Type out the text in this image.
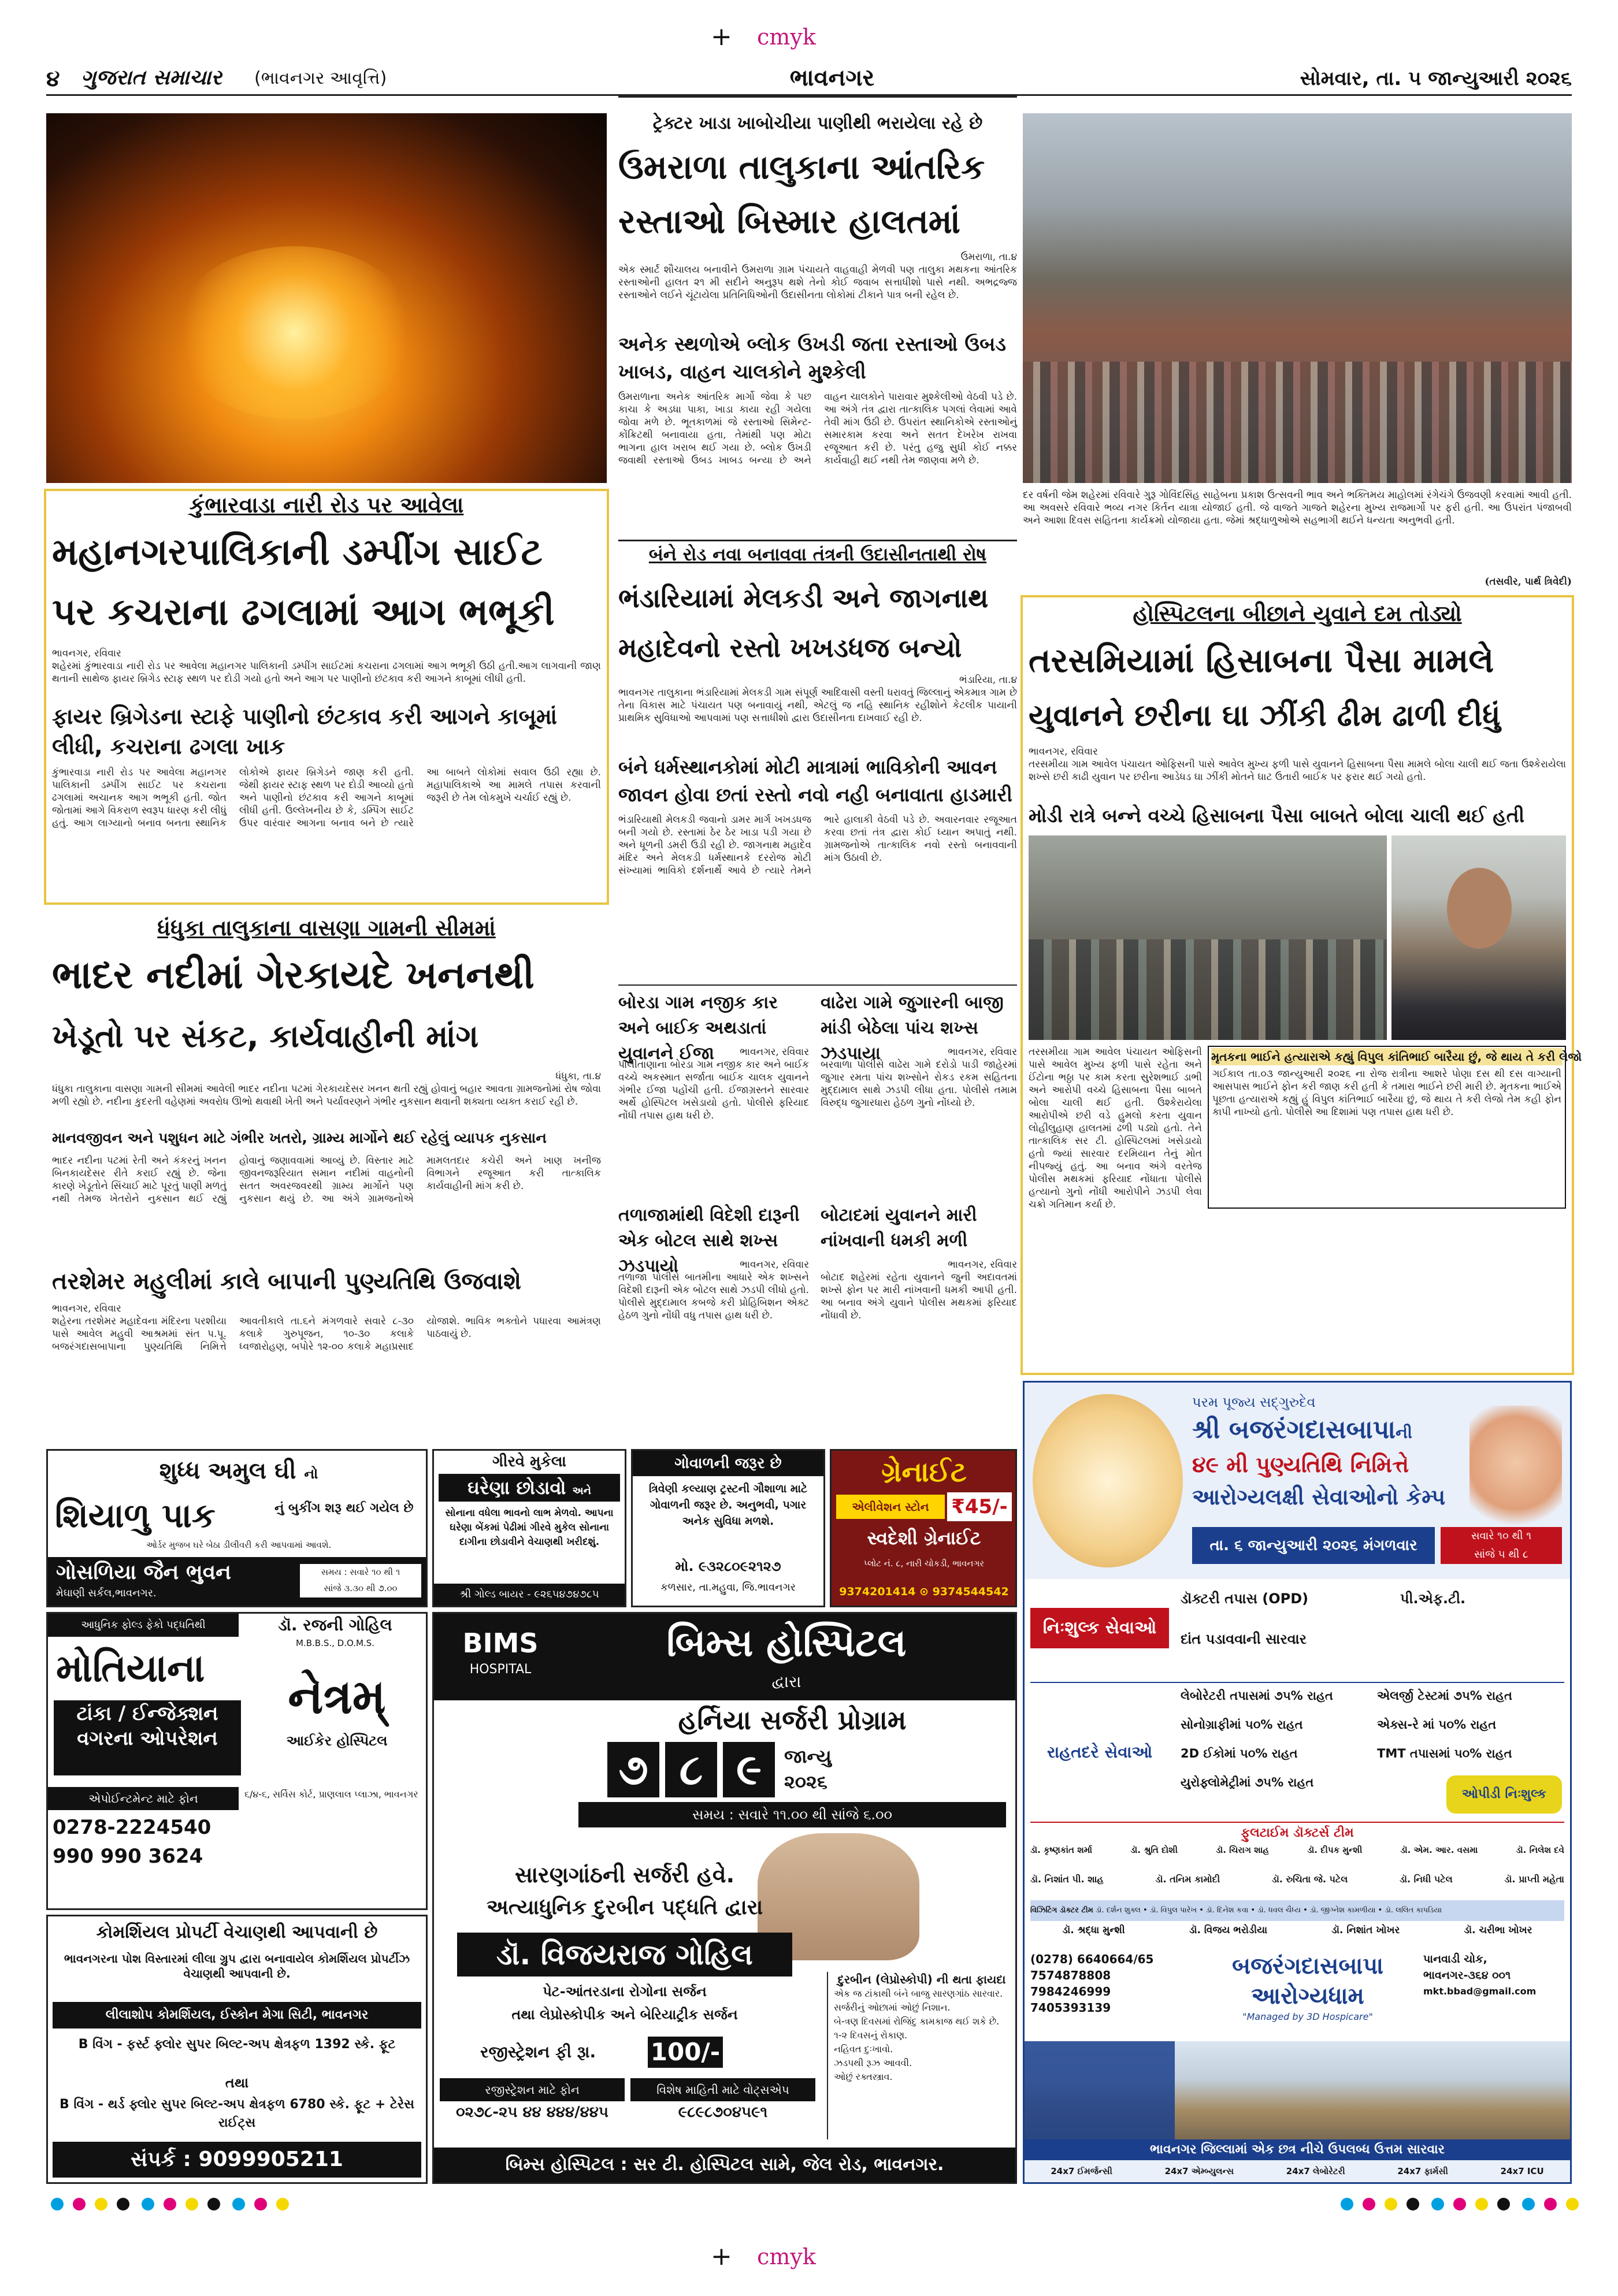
+ cmyk
૪ ગુજરાત સમાચાર (ભાવનગર આવૃત્તિ)	ભાવનગર	સોમવાર, તા. ૫ જાન્યુઆરી ૨૦૨૬
કુંભારવાડા નારી રોડ પર આવેલા
મહાનગરપાલિકાની ડમ્પીંગ સાઈટ
પર કચરાના ઢગલામાં આગ ભભૂકી
ભાવનગર, રવિવાર
શહેરમાં કુંભારવાડા નારી રોડ પર આવેલા મહાનગર પાલિકાની ડમ્પીંગ સાઈટમાં કચરાના ઢગલામાં આગ ભભૂકી ઉઠી હતી.આગ લાગવાની જાણ થતાની સાથેજ ફાયર બ્રિગેડ સ્ટાફ સ્થળ પર દોડી ગયો હતો અને આગ પર પાણીનો છંટકાવ કરી આગને કાબૂમાં લીધી હતી.
ફાયર બ્રિગેડના સ્ટાફે પાણીનો છંટકાવ કરી આગને કાબૂમાં લીધી, કચરાના ઢગલા ખાક
કુંભારવાડા નારી રોડ પર આવેલા મહાનગર પાલિકાની ડમ્પીંગ સાઈટ પર કચરાના ઢગલામાં અચાનક આગ ભભૂકી હતી. જોત જોતામાં આગે વિકરાળ સ્વરૂપ ધારણ કરી લીધું હતું. આગ લાગ્યાનો બનાવ બનતા સ્થાનિક લોકોએ ફાયર બ્રિગેડને જાણ કરી હતી. જેથી ફાયર સ્ટાફ સ્થળ પર દોડી આવ્યો હતો અને પાણીનો છંટકાવ કરી આગને કાબૂમાં લીધી હતી. ઉલ્લેખનીય છે કે, ડમ્પિંગ સાઈટ ઉપર વારંવાર આગના બનાવ બને છે ત્યારે આ બાબતે લોકોમાં સવાલ ઉઠી રહ્યા છે. મહાપાલિકાએ આ મામલે તપાસ કરવાની જરૂરી છે તેમ લોકમુખે ચર્ચાઈ રહ્યું છે.
ધંધુકા તાલુકાના વાસણા ગામની સીમમાં
ભાદર નદીમાં ગેરકાયદે ખનનથી
ખેડૂતો પર સંકટ, કાર્યવાહીની માંગ
ધંધુકા, તા.૪
ધંધુકા તાલુકાના વાસણા ગામની સીમમાં આવેલી ભાદર નદીના પટમાં ગેરકાયદેસર ખનન થતી રહ્યું હોવાનું બહાર આવતા ગ્રામજનોમાં રોષ જોવા મળી રહ્યો છે. નદીના કુદરતી વહેણમાં અવરોધ ઊભો થવાથી ખેતી અને પર્યાવરણને ગંભીર નુકસાન થવાની શક્યતા વ્યક્ત કરાઈ રહી છે.
માનવજીવન અને પશુધન માટે ગંભીર ખતરો, ગ્રામ્ય માર્ગોને થઈ રહેલું વ્યાપક નુકસાન
ભાદર નદીના પટમાં રેતી અને કંકરનું ખનન બિનકાયદેસર રીતે કરાઈ રહ્યું છે. જેના કારણે ખેડૂતોને સિંચાઈ માટે પૂરતું પાણી મળતું નથી તેમજ ખેતરોને નુકસાન થઈ રહ્યું હોવાનું જણાવવામાં આવ્યું છે. વિસ્તાર માટે જીવનજરૂરિયાત સમાન નદીમાં વાહનોની સતત અવરજવરથી ગ્રામ્ય માર્ગોને પણ નુકસાન થયું છે. આ અંગે ગ્રામજનોએ મામલતદાર કચેરી અને ખાણ ખનીજ વિભાગને રજૂઆત કરી તાત્કાલિક કાર્યવાહીની માંગ કરી છે.
તરશેમર મહુલીમાં કાલે બાપાની પુણ્યતિથિ ઉજવાશે
ભાવનગર, રવિવાર
શહેરના તરશેમર મહાદેવના મંદિરના પરશીયા પાસે આવેલ મહુવી આશ્રમમાં સંત પ.પૂ. બજરંગદાસબાપાના પુણ્યતિથિ નિમિત્તે આવતીકાલે તા.૬ને મંગળવારે સવારે ૮-૩૦ કલાકે ગુરુપૂજન, ૧૦-૩૦ કલાકે ધ્વજારોહણ, બપોરે ૧૨-૦૦ કલાકે મહાપ્રસાદ યોજાશે. ભાવિક ભક્તોને પધારવા આમંત્રણ પાઠવાયું છે.
ટ્રેક્ટર ખાડા ખાબોચીયા પાણીથી ભરાયેલા રહે છે
ઉમરાળા તાલુકાના આંતરિક
રસ્તાઓ બિસ્માર હાલતમાં
ઉમરાળા, તા.૪
એક સ્માર્ટ શૌચાલય બનાવીને ઉમરાળા ગ્રામ પંચાયતે વાહવાહી મેળવી પણ તાલુકા મથકના આંતરિક રસ્તાઓની હાલત ૨૧ મી સદીને અનુરૂપ થશે તેનો કોઈ જવાબ સત્તાધીશો પાસે નથી. અભદ્રજ્જ રસ્તાઓને લઈને ચૂંટાયેલા પ્રતિનિધિઓની ઉદાસીનતા લોકોમાં ટીકાને પાત્ર બની રહેલ છે.
અનેક સ્થળોએ બ્લોક ઉખડી જતા રસ્તાઓ ઉબડ ખાબડ, વાહન ચાલકોને મુશ્કેલી
ઉમરાળાના અનેક આંતરિક માર્ગો જેવા કે પછ કાચા કે અડધા પાકા, ખાડા કાયા રહી ગયેલા જોવા મળે છે. ભૂતકાળમાં જે રસ્તાઓ સિમેન્ટ-કોંક્રિટથી બનાવાયા હતા, તેમાંથી પણ મોટા ભાગના હાલ ખરાબ થઈ ગયા છે. બ્લોક ઉખડી જવાથી રસ્તાઓ ઉબડ ખાબડ બન્યા છે અને વાહન ચાલકોને પારાવાર મુશ્કેલીઓ વેઠવી પડે છે. આ અંગે તંત્ર દ્વારા તાત્કાલિક પગલાં લેવામાં આવે તેવી માંગ ઉઠી છે. ઉપરાંત સ્થાનિકોએ રસ્તાઓનું સમારકામ કરવા અને સતત દેખરેખ રાખવા રજૂઆત કરી છે. પરંતુ હજુ સુધી કોઈ નક્કર કાર્યવાહી થઈ નથી તેમ જાણવા મળે છે.
બંને રોડ નવા બનાવવા તંત્રની ઉદાસીનતાથી રોષ
ભંડારિયામાં મેલકડી અને જાગનાથ
મહાદેવનો રસ્તો ખખડધજ બન્યો
ભંડારિયા, તા.૪
ભાવનગર તાલુકાના ભંડારિયામાં મેલકડી ગામ સંપૂર્ણ આદિવાસી વસ્તી ધરાવતું જિલ્લાનું એકમાત્ર ગામ છે તેના વિકાસ માટે પંચાયત પણ બનાવાયું નથી, એટલું જ નહિ સ્થાનિક રહીશોને કેટલીક પાયાની પ્રાથમિક સુવિધાઓ આપવામાં પણ સત્તાધીશો દ્વારા ઉદાસીનતા દાખવાઈ રહી છે.
બંને ધર્મસ્થાનકોમાં મોટી માત્રામાં ભાવિકોની આવન જાવન હોવા છતાં રસ્તો નવો નહી બનાવાતા હાડમારી
ભંડારિયાથી મેલકડી જવાનો ડામર માર્ગ ખખડધજ બની ગયો છે. રસ્તામાં ઠેર ઠેર ખાડા પડી ગયા છે અને ધૂળની ડમરી ઉડી રહી છે. જાગનાથ મહાદેવ મંદિર અને મેલકડી ધર્મસ્થાનકે દરરોજ મોટી સંખ્યામાં ભાવિકો દર્શનાર્થે આવે છે ત્યારે તેમને ભારે હાલાકી વેઠવી પડે છે. અવારનવાર રજૂઆત કરવા છતાં તંત્ર દ્વારા કોઈ ધ્યાન અપાતું નથી. ગ્રામજનોએ તાત્કાલિક નવો રસ્તો બનાવવાની માંગ ઉઠાવી છે.
બોરડા ગામ નજીક કાર અને બાઈક અથડાતાં યુવાનને ઈજા	ભાવનગર, રવિવાર
પાલીતાણાના બોરડા ગામ નજીક કાર અને બાઈક વચ્ચે અકસ્માત સર્જાતા બાઈક ચાલક યુવાનને ગંભીર ઈજા પહોંચી હતી. ઈજાગ્રસ્તને સારવાર અર્થે હોસ્પિટલ ખસેડાયો હતો. પોલીસે ફરિયાદ નોંધી તપાસ હાથ ધરી છે.
તળાજામાંથી વિદેશી દારૂની એક બોટલ સાથે શખ્સ ઝડપાયો	ભાવનગર, રવિવાર
તળાજા પોલીસે બાતમીના આધારે એક શખ્સને વિદેશી દારૂની એક બોટલ સાથે ઝડપી લીધો હતો. પોલીસે મુદ્દામાલ કબજે કરી પ્રોહિબિશન એક્ટ હેઠળ ગુનો નોંધી વધુ તપાસ હાથ ધરી છે.
વાઢેરા ગામે જુગારની બાજી માંડી બેઠેલા પાંચ શખ્સ ઝડપાયા	ભાવનગર, રવિવાર
બરવાળા પોલીસે વાઢેરા ગામે દરોડો પાડી જાહેરમાં જુગાર રમતા પાંચ શખ્સોને રોકડ રકમ સહિતના મુદ્દામાલ સાથે ઝડપી લીધા હતા. પોલીસે તમામ વિરુદ્ધ જુગારધારા હેઠળ ગુનો નોંધ્યો છે.
બોટાદમાં યુવાનને મારી નાંખવાની ધમકી મળી
ભાવનગર, રવિવાર
બોટાદ શહેરમાં રહેતા યુવાનને જુની અદાવતમાં શખ્સે ફોન પર મારી નાંખવાની ધમકી આપી હતી. આ બનાવ અંગે યુવાને પોલીસ મથકમાં ફરિયાદ નોંધાવી છે.
દર વર્ષની જેમ શહેરમાં રવિવારે ગુરૂ ગોવિંદસિંહ સાહેબના પ્રકાશ ઉત્સવની ભાવ અને ભક્તિમય માહોલમાં રંગેચંગે ઉજવણી કરવામાં આવી હતી. આ અવસરે રવિવારે ભવ્ય નગર કિર્તન યાત્રા યોજાઈ હતી. જે વાજતે ગાજતે શહેરના મુખ્ય રાજમાર્ગો પર ફરી હતી. આ ઉપરાંત પંજાબવી અને આશા દિવસ સહિતના કાર્યક્રમો યોજાયા હતા. જેમાં શ્રદ્ધાળુઓએ સહભાગી થઈને ધન્યતા અનુભવી હતી.
(તસવીર, પાર્થ ત્રિવેદી)
હોસ્પિટલના બીછાને યુવાને દમ તોડ્યો
તરસમિયામાં હિસાબના પૈસા મામલે
યુવાનને છરીના ઘા ઝીંકી ઢીમ ઢાળી દીધું
ભાવનગર, રવિવાર
તરસમીયા ગામ આવેલ પંચાયત ઓફિસની પાસે આવેલ મુખ્ય ફળી પાસે યુવાનને હિસાબના પૈસા મામલે બોલા ચાલી થઈ જતા ઉશ્કેરાયેલા શખ્સે છરી કાઢી યુવાન પર છરીના આડેધડ ઘા ઝીંકી મોતને ઘાટ ઉતારી બાઈક પર ફરાર થઈ ગયો હતો.
મોડી રાત્રે બન્ને વચ્ચે હિસાબના પૈસા બાબતે બોલા ચાલી થઈ હતી
તરસમીયા ગામ આવેલ પંચાયત ઓફિસની પાસે આવેલ મુખ્ય ફળી પાસે રહેતા અને ઈંટોના ભઠ્ઠા પર કામ કરતા સુરેશભાઈ ડાભી અને આરોપી વચ્ચે હિસાબના પૈસા બાબતે બોલા ચાલી થઈ હતી. ઉશ્કેરાયેલા આરોપીએ છરી વડે હુમલો કરતા યુવાન લોહીલુહાણ હાલતમાં ઢળી પડ્યો હતો. તેને તાત્કાલિક સર ટી. હોસ્પિટલમાં ખસેડાયો હતો જ્યાં સારવાર દરમિયાન તેનું મોત નીપજ્યું હતું. આ બનાવ અંગે વરતેજ પોલીસ મથકમાં ફરિયાદ નોંધાતા પોલીસે હત્યાનો ગુનો નોંધી આરોપીને ઝડપી લેવા ચક્રો ગતિમાન કર્યા છે.
મૃતકના ભાઈને હત્યારાએ કહ્યું વિપુલ કાંતિભાઈ બારૈયા છું, જે થાય તે કરી લેજો
ગઈકાલ તા.૦૩ જાન્યુઆરી ૨૦૨૬ ના રોજ રાત્રીના આશરે પોણા દસ થી દસ વાગ્યાની આસપાસ ભાઈને ફોન કરી જાણ કરી હતી કે તમારા ભાઈને છરી મારી છે. મૃતકના ભાઈએ પૂછતા હત્યારાએ કહ્યું હું વિપુલ કાંતિભાઈ બારૈયા છું, જે થાય તે કરી લેજો તેમ કહી ફોન કાપી નાખ્યો હતો. પોલીસે આ દિશામાં પણ તપાસ હાથ ધરી છે.
શુધ્ધ અમુલ ઘી નો
શિયાળુ પાક	નું બુકીંગ શરૂ થઈ ગયેલ છે
ઓર્ડર મુજબ ઘરે બેઠા ડીલીવરી કરી આપવામાં આવશે.
ગોસળિયા જૈન ભુવન
મેઘાણી સર્કલ,ભાવનગર.
સમય : સવારે ૧૦ થી ૧
સાંજે ૩.૩૦ થી ૭.૦૦
ગીરવે મુકેલા
ઘરેણા છોડાવો અને
સોનાના વધેલા ભાવનો લાભ મેળવો. આપના ઘરેણા બેંકમાં પેઢીમાં ગીરવે મુકેલ સોનાના દાગીના છોડાવીને વેચાણથી ખરીદશું.
શ્રી ગોલ્ડ બાયર - ૯૨૬૫૪૭૪૭૮૫
ગોવાળની જરૂર છે
ત્રિવેણી કલ્યાણ ટ્રસ્ટની ગૌશાળા માટે ગોવાળની જરૂર છે. અનુભવી, પગાર અનેક સુવિધા મળશે.
મો. ૯૩૨૮૦૯૨૧૨૭
કળસાર, તા.મહુવા, જિ.ભાવનગર
ગ્રેનાઈટ
એલીવેશન સ્ટોન	₹45/-
સ્વદેશી ગ્રેનાઈટ
પ્લોટ નં. ૮, નારી ચોકડી, ભાવનગર
9374201414 ⊙ 9374544542
આધુનિક ફોલ્ડ ફેકો પદ્ધતિથી	ડૉ. રજની ગોહિલ
M.B.B.S., D.O.M.S.
મોતિયાના
ટાંકા / ઈન્જેક્શન વગરના ઓપરેશન
નેત્રમ્
આઈકેર હોસ્પિટલ
એપોઈન્ટમેન્ટ માટે ફોન
0278-2224540
990 990 3624
૬/૪-૬, સર્વિસ કોર્ટ, પ્રાણલાલ પ્લાઝા, ભાવનગર
કોમર્શિયલ પ્રોપર્ટી વેચાણથી આપવાની છે
ભાવનગરના પોશ વિસ્તારમાં લીલા ગ્રુપ દ્વારા બનાવાયેલ કોમર્શિયલ પ્રોપર્ટીઝ વેચાણથી આપવાની છે.
લીલાશોપ કોમર્શિયલ, ઈસ્કોન મેગા સિટી, ભાવનગર
B વિંગ - ફર્સ્ટ ફ્લોર સુપર બિલ્ટ-અપ ક્ષેત્રફળ 1392 સ્કે. ફૂટ
તથા
B વિંગ - થર્ડ ફ્લોર સુપર બિલ્ટ-અપ ક્ષેત્રફળ 6780 સ્કે. ફૂટ + ટેરેસ રાઈટ્સ
સંપર્ક : 9099905211
BIMS
HOSPITAL
બિમ્સ હોસ્પિટલ
દ્વારા
હર્નિયા સર્જરી પ્રોગ્રામ
૭ ૮ ૯	જાન્યુ
૨૦૨૬
સમય : સવારે ૧૧.૦૦ થી સાંજે ૬.૦૦
સારણગાંઠની સર્જરી હવે.
અત્યાધુનિક દુરબીન પદ્ધતિ દ્વારા
ડૉ. વિજયરાજ ગોહિલ
પેટ-આંતરડાના રોગોના સર્જન
તથા લેપ્રોસ્કોપીક અને બેરિયાટ્રીક સર્જન
રજીસ્ટ્રેશન ફી રૂા. 100/-
રજીસ્ટ્રેશન માટે ફોન
૦૨૭૮-૨૫ ૪૪ ૪૪૪/૪૪૫
વિશેષ માહિતી માટે વોટ્સએપ
૯૮૯૮૭૦૪૫૯૧
દુરબીન (લેપ્રોસ્કોપી) ની થતા ફાયદા
એક જ ટાંકાથી બંને બાજુ સારણગાંઠ સારવાર.
સર્જરીનું ઓછામાં ઓછું નિશાન.
બે-ત્રણ દિવસમાં રોજિંદુ કામકાજ થઈ શકે છે.
૧-૨ દિવસનું રોકાણ.
નહિવત દુઃખાવો.
ઝડપથી રૂઝ આવવી.
ઓછું રક્તસ્ત્રાવ.
બિમ્સ હોસ્પિટલ : સર ટી. હોસ્પિટલ સામે, જેલ રોડ, ભાવનગર.
પરમ પૂજ્ય સદ્ગુરુદેવ
શ્રી બજરંગદાસબાપાની
૪૯ મી પુણ્યતિથિ નિમિત્તે
આરોગ્યલક્ષી સેવાઓનો કેમ્પ
તા. ૬ જાન્યુઆરી ૨૦૨૬ મંગળવાર
સવારે ૧૦ થી ૧
સાંજે ૫ થી ૮
નિઃશુલ્ક સેવાઓ
ડૉક્ટરી તપાસ (OPD)	પી.એફ.ટી.
દાંત પડાવવાની સારવાર
રાહતદરે સેવાઓ
લેબોરેટરી તપાસમાં ૭૫% રાહત	એલર્જી ટેસ્ટમાં ૭૫% રાહત
સોનોગ્રાફીમાં ૫૦% રાહત	એક્સ-રે માં ૫૦% રાહત
2D ઈકોમાં ૫૦% રાહત	TMT તપાસમાં ૫૦% રાહત
યુરોફ્લોમેટ્રીમાં ૭૫% રાહત
ઓપીડી નિઃશુલ્ક
ફુલટાઈમ ડૉક્ટર્સ ટીમ
ડૉ. કૃષ્ણકાંત શર્મા	ડૉ. શ્રુતિ દોશી	ડૉ. ચિરાગ શાહ	ડૉ. દીપક મુન્શી	ડૉ. એમ. આર. વસમા	ડૉ. નિલેશ દવે
ડૉ. નિશાંત પી. શાહ	ડૉ. તનિમ કામોદી	ડૉ. રુચિતા જે. પટેલ	ડૉ. નિધી પટેલ	ડૉ. પ્રાપ્તી મહેતા
વિઝિટિંગ ડૉક્ટર ટીમ ડૉ. દર્શન શુક્લ • ડૉ. વિપુલ પારેખ • ડૉ. દિનેશ કવા • ડૉ. ધવલ ચૈધ્ય • ડૉ. જીગ્નેશ કામળીયા • ડૉ. લલિત કાપડિયા
ડૉ. શ્રદ્ધા મુન્શી	ડૉ. વિજય ભરોડીયા	ડૉ. નિશાંત ખોખર	ડૉ. ચરીભા ખોખર
(0278) 6640664/65
7574878808
7984246999
7405393139
બજરંગદાસબાપા આરોગ્યધામ
"Managed by 3D Hospicare"
પાનવાડી ચોક,
ભાવનગર-૩૬૪ ૦૦૧
mkt.bbad@gmail.com
ભાવનગર જિલ્લામાં એક છત્ર નીચે ઉપલબ્ધ ઉત્તમ સારવાર
24x7 ઈમર્જન્સી	24x7 એમ્બ્યુલન્સ	24x7 લેબોરેટરી	24x7 ફાર્મસી	24x7 ICU

+ cmyk
